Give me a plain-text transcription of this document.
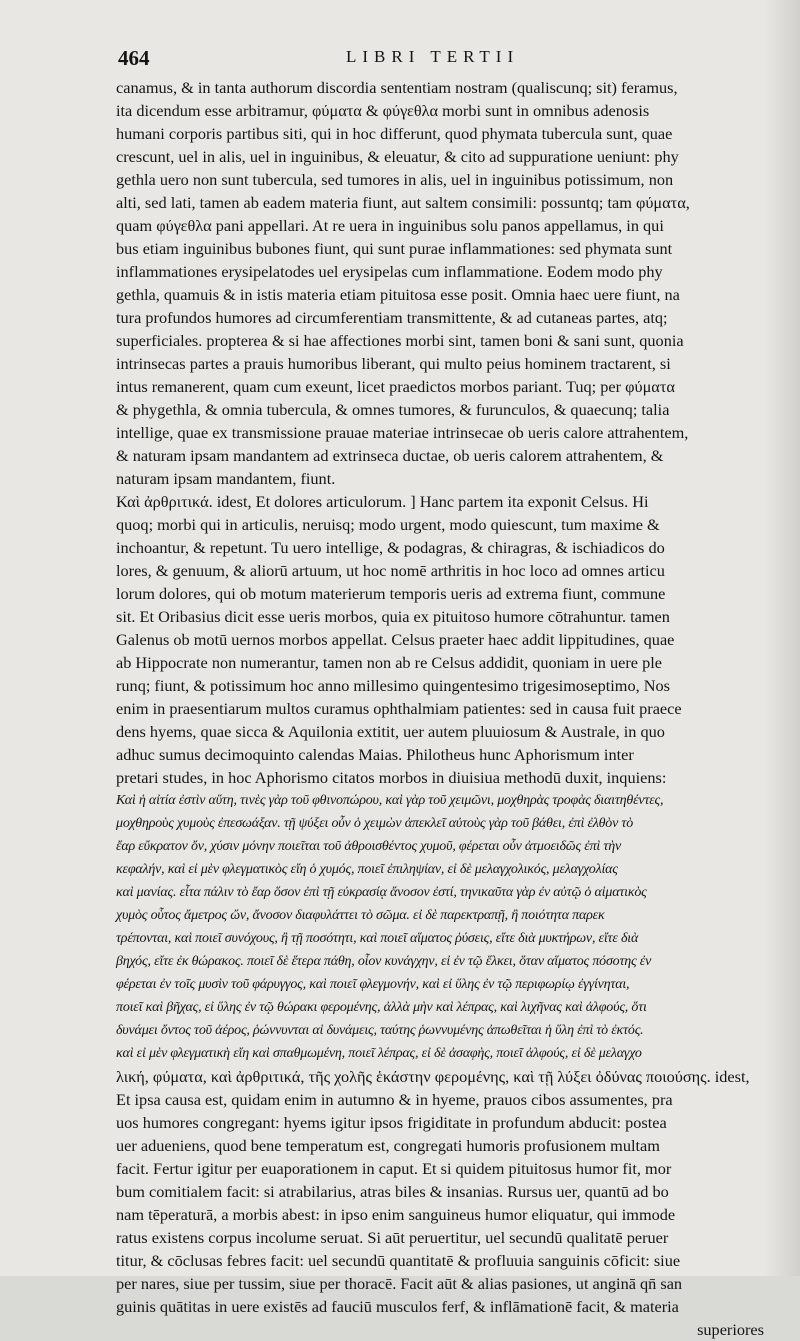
464	LIBRI TERTII
canamus, & in tanta authorum discordia sententiam nostram (qualiscunq; sit) feramus,
ita dicendum esse arbitramur, φύματα & φύγεθλα morbi sunt in omnibus adenosis
humani corporis partibus siti, qui in hoc differunt, quod phymata tubercula sunt, quae
crescunt, uel in alis, uel in inguinibus, & eleuatur, & cito ad suppuratione ueniunt: phy
gethla uero non sunt tubercula, sed tumores in alis, uel in inguinibus potissimum, non
alti, sed lati, tamen ab eadem materia fiunt, aut saltem consimili: possuntq; tam φύματα,
quam φύγεθλα pani appellari. At re uera in inguinibus solu panos appellamus, in qui
bus etiam inguinibus bubones fiunt, qui sunt purae inflammationes: sed phymata sunt
inflammationes erysipelatodes uel erysipelas cum inflammatione. Eodem modo phy
gethla, quamuis & in istis materia etiam pituitosa esse posit. Omnia haec uere fiunt, na
tura profundos humores ad circumferentiam transmittente, & ad cutaneas partes, atq;
superficiales. propterea & si hae affectiones morbi sint, tamen boni & sani sunt, quonia
intrinsecas partes a prauis humoribus liberant, qui multo peius hominem tractarent, si
intus remanerent, quam cum exeunt, licet praedictos morbos pariant. Tuq; per φύματα
& phygethla, & omnia tubercula, & omnes tumores, & furunculos, & quaecunq; talia
intellige, quae ex transmissione prauae materiae intrinsecae ob ueris calore attrahentem,
& naturam ipsam mandantem ad extrinseca ductae, ob ueris calorem attrahentem, &
naturam ipsam mandantem, fiunt.
Καὶ ἀρθριτικά. idest, Et dolores articulorum. ] Hanc partem ita exponit Celsus. Hi
quoq; morbi qui in articulis, neruisq; modo urgent, modo quiescunt, tum maxime &
inchoantur, & repetunt. Tu uero intellige, & podagras, & chiragras, & ischiadicos do
lores, & genuum, & aliorū artuum, ut hoc nomē arthritis in hoc loco ad omnes articu
lorum dolores, qui ob motum materierum temporis ueris ad extrema fiunt, commune
sit. Et Oribasius dicit esse ueris morbos, quia ex pituitoso humore cōtrahuntur. tamen
Galenus ob motū uernos morbos appellat. Celsus praeter haec addit lippitudines, quae
ab Hippocrate non numerantur, tamen non ab re Celsus addidit, quoniam in uere ple
runq; fiunt, & potissimum hoc anno millesimo quingentesimo trigesimoseptimo, Nos
enim in praesentiarum multos curamus ophthalmiam patientes: sed in causa fuit praece
dens hyems, quae sicca & Aquilonia extitit, uer autem pluuiosum & Australe, in quo
adhuc sumus decimoquinto calendas Maias. Philotheus hunc Aphorismum inter
pretari studes, in hoc Aphorismo citatos morbos in diuisiua methodū duxit, inquiens:
Καὶ ἡ αἰτία ἐστὶν αὕτη, τινὲς γὰρ τοῦ φθινοπώρου, καὶ γὰρ τοῦ χειμῶνι, μοχθηρὰς τροφὰς διαιτηθέντες,
μοχθηροὺς χυμοὺς ἐπεσωάξαν. τῇ ψύξει οὖν ὁ χειμὼν ἀπεκλεῖ αὐτοὺς γὰρ τοῦ βάθει, ἐπὶ ἐλθὸν τὸ
ἔαρ εὔκρατον ὄν, χύσιν μόνην ποιεῖται τοῦ ἀθροισθέντος χυμοῦ, φέρεται οὖν ἀτμοειδῶς ἐπὶ τὴν
κεφαλήν, καὶ εἰ μὲν φλεγματικὸς εἴη ὁ χυμός, ποιεῖ ἐπιληψίαν, εἰ δὲ μελαγχολικός, μελαγχολίας
καὶ μανίας. εἶτα πάλιν τὸ ἔαρ ὅσον ἐπὶ τῇ εὐκρασίᾳ ἄνοσον ἐστί, τηνικαῦτα γὰρ ἐν αὐτῷ ὁ αἱματικὸς
χυμὸς οὗτος ἄμετρος ὤν, ἄνοσον διαφυλάττει τὸ σῶμα. εἰ δὲ παρεκτραπῇ, ἢ ποιότητα παρεκ
τρέπονται, καὶ ποιεῖ συνόχους, ἢ τῇ ποσότητι, καὶ ποιεῖ αἵματος ῥύσεις, εἴτε διὰ μυκτήρων, εἴτε διὰ
βηχός, εἴτε ἐκ θώρακος. ποιεῖ δὲ ἕτερα πάθη, οἷον κυνάγχην, εἰ ἐν τῷ ἕλκει, ὅταν αἵματος πόσοτης ἐν
φέρεται ἐν τοῖς μυσὶν τοῦ φάρυγγος, καὶ ποιεῖ φλεγμονήν, καὶ εἰ ὕλης ἐν τῷ περιφωρίῳ ἐγγίνηται,
ποιεῖ καὶ βῆχας, εἰ ὕλης ἐν τῷ θώρακι φερομένης, ἀλλὰ μὴν καὶ λέπρας, καὶ λιχῆνας καὶ ἀλφούς, ὅτι
δυνάμει ὄντος τοῦ ἀέρος, ῥώννυνται αἱ δυνάμεις, ταύτης ῥωννυμένης ἀπωθεῖται ἡ ὕλη ἐπὶ τὸ ἐκτός.
καὶ εἰ μὲν φλεγματικὴ εἴη καὶ σπαθμωμένη, ποιεῖ λέπρας, εἰ δὲ ἀσαφὴς, ποιεῖ ἀλφούς, εἰ δὲ μελαγχο
λική, φύματα, καὶ ἀρθριτικά, τῆς χολῆς ἑκάστην φερομένης, καὶ τῇ λύξει ὀδύνας ποιούσης. idest,
Et ipsa causa est, quidam enim in autumno & in hyeme, prauos cibos assumentes, pra
uos humores congregant: hyems igitur ipsos frigiditate in profundum abducit: postea
uer adueniens, quod bene temperatum est, congregati humoris profusionem multam
facit. Fertur igitur per euaporationem in caput. Et si quidem pituitosus humor fit, mor
bum comitialem facit: si atrabilarius, atras biles & insanias. Rursus uer, quantū ad bo
nam tēperaturā, a morbis abest: in ipso enim sanguineus humor eliquatur, qui immode
ratus existens corpus incolume seruat. Si aūt peruertitur, uel secundū qualitatē peruer
titur, & cōclusas febres facit: uel secundū quantitatē & profluuia sanguinis cōficit: siue
per nares, siue per tussim, siue per thoracē. Facit aūt & alias pasiones, ut anginā qn̄ san
guinis quātitas in uere existēs ad fauciū musculos ferf, & inflāmationē facit, & materia
superiores
